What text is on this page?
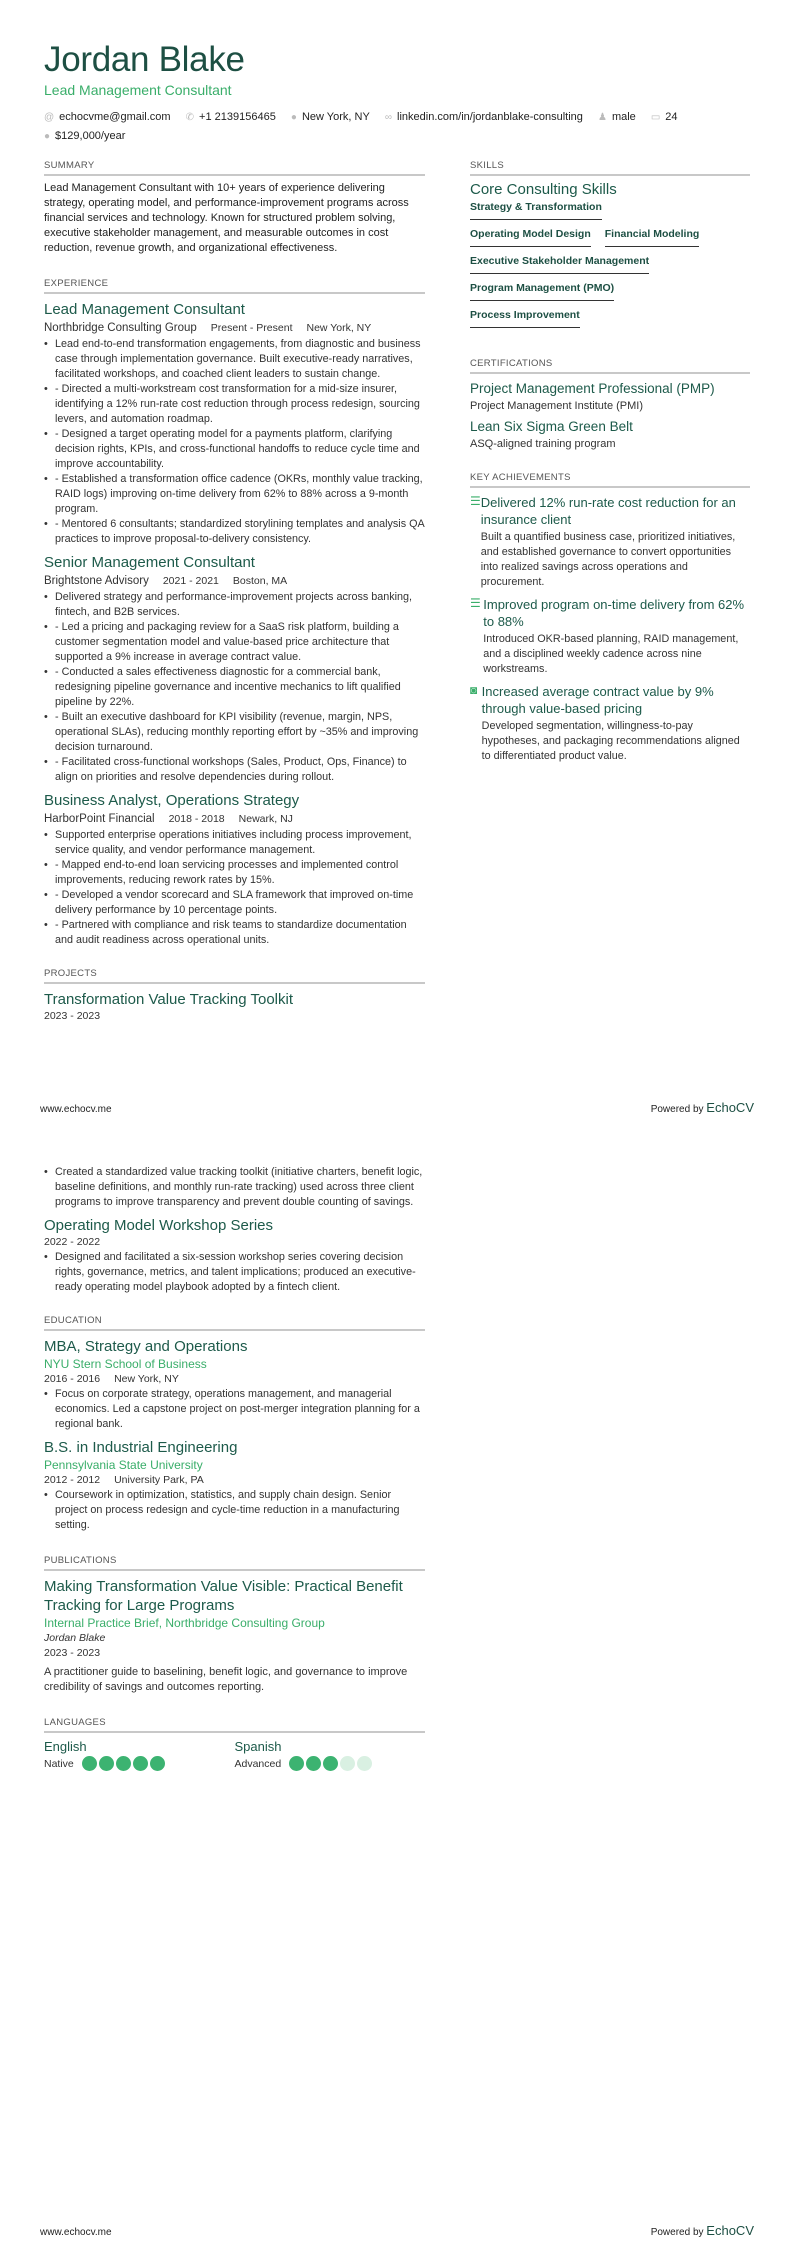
Jordan Blake
Lead Management Consultant
@ echocvme@gmail.com ✆ +1 2139156465 ● New York, NY ∞ linkedin.com/in/jordanblake-consulting ♟ male ▭ 24
● $129,000/year
SUMMARY
Lead Management Consultant with 10+ years of experience delivering strategy, operating model, and performance-improvement programs across financial services and technology. Known for structured problem solving, executive stakeholder management, and measurable outcomes in cost reduction, revenue growth, and organizational effectiveness.
EXPERIENCE
Lead Management Consultant
Northbridge Consulting Group Present - Present New York, NY
• Lead end-to-end transformation engagements, from diagnostic and business case through implementation governance. Built executive-ready narratives, facilitated workshops, and coached client leaders to sustain change.
• - Directed a multi-workstream cost transformation for a mid-size insurer, identifying a 12% run-rate cost reduction through process redesign, sourcing levers, and automation roadmap.
• - Designed a target operating model for a payments platform, clarifying decision rights, KPIs, and cross-functional handoffs to reduce cycle time and improve accountability.
• - Established a transformation office cadence (OKRs, monthly value tracking, RAID logs) improving on-time delivery from 62% to 88% across a 9-month program.
• - Mentored 6 consultants; standardized storylining templates and analysis QA practices to improve proposal-to-delivery consistency.
Senior Management Consultant
Brightstone Advisory 2021 - 2021 Boston, MA
• Delivered strategy and performance-improvement projects across banking, fintech, and B2B services.
• - Led a pricing and packaging review for a SaaS risk platform, building a customer segmentation model and value-based price architecture that supported a 9% increase in average contract value.
• - Conducted a sales effectiveness diagnostic for a commercial bank, redesigning pipeline governance and incentive mechanics to lift qualified pipeline by 22%.
• - Built an executive dashboard for KPI visibility (revenue, margin, NPS, operational SLAs), reducing monthly reporting effort by ~35% and improving decision turnaround.
• - Facilitated cross-functional workshops (Sales, Product, Ops, Finance) to align on priorities and resolve dependencies during rollout.
Business Analyst, Operations Strategy
HarborPoint Financial 2018 - 2018 Newark, NJ
• Supported enterprise operations initiatives including process improvement, service quality, and vendor performance management.
• - Mapped end-to-end loan servicing processes and implemented control improvements, reducing rework rates by 15%.
• - Developed a vendor scorecard and SLA framework that improved on-time delivery performance by 10 percentage points.
• - Partnered with compliance and risk teams to standardize documentation and audit readiness across operational units.
PROJECTS
Transformation Value Tracking Toolkit
2023 - 2023
SKILLS
Core Consulting Skills
Strategy & Transformation
Operating Model Design Financial Modeling
Executive Stakeholder Management
Program Management (PMO)
Process Improvement
CERTIFICATIONS
Project Management Professional (PMP)
Project Management Institute (PMI)
Lean Six Sigma Green Belt
ASQ-aligned training program
KEY ACHIEVEMENTS
☰ Delivered 12% run-rate cost reduction for an insurance client
Built a quantified business case, prioritized initiatives, and established governance to convert opportunities into realized savings across operations and procurement.
☰ Improved program on-time delivery from 62% to 88%
Introduced OKR-based planning, RAID management, and a disciplined weekly cadence across nine workstreams.
◙ Increased average contract value by 9% through value-based pricing
Developed segmentation, willingness-to-pay hypotheses, and packaging recommendations aligned to differentiated product value.
www.echocv.me	Powered by EchoCV
• Created a standardized value tracking toolkit (initiative charters, benefit logic, baseline definitions, and monthly run-rate tracking) used across three client programs to improve transparency and prevent double counting of savings.
Operating Model Workshop Series
2022 - 2022
• Designed and facilitated a six-session workshop series covering decision rights, governance, metrics, and talent implications; produced an executive-ready operating model playbook adopted by a fintech client.
EDUCATION
MBA, Strategy and Operations
NYU Stern School of Business
2016 - 2016 New York, NY
• Focus on corporate strategy, operations management, and managerial economics. Led a capstone project on post-merger integration planning for a regional bank.
B.S. in Industrial Engineering
Pennsylvania State University
2012 - 2012 University Park, PA
• Coursework in optimization, statistics, and supply chain design. Senior project on process redesign and cycle-time reduction in a manufacturing setting.
PUBLICATIONS
Making Transformation Value Visible: Practical Benefit Tracking for Large Programs
Internal Practice Brief, Northbridge Consulting Group
Jordan Blake
2023 - 2023
A practitioner guide to baselining, benefit logic, and governance to improve credibility of savings and outcomes reporting.
LANGUAGES
English
Native
Spanish
Advanced
www.echocv.me	Powered by EchoCV
